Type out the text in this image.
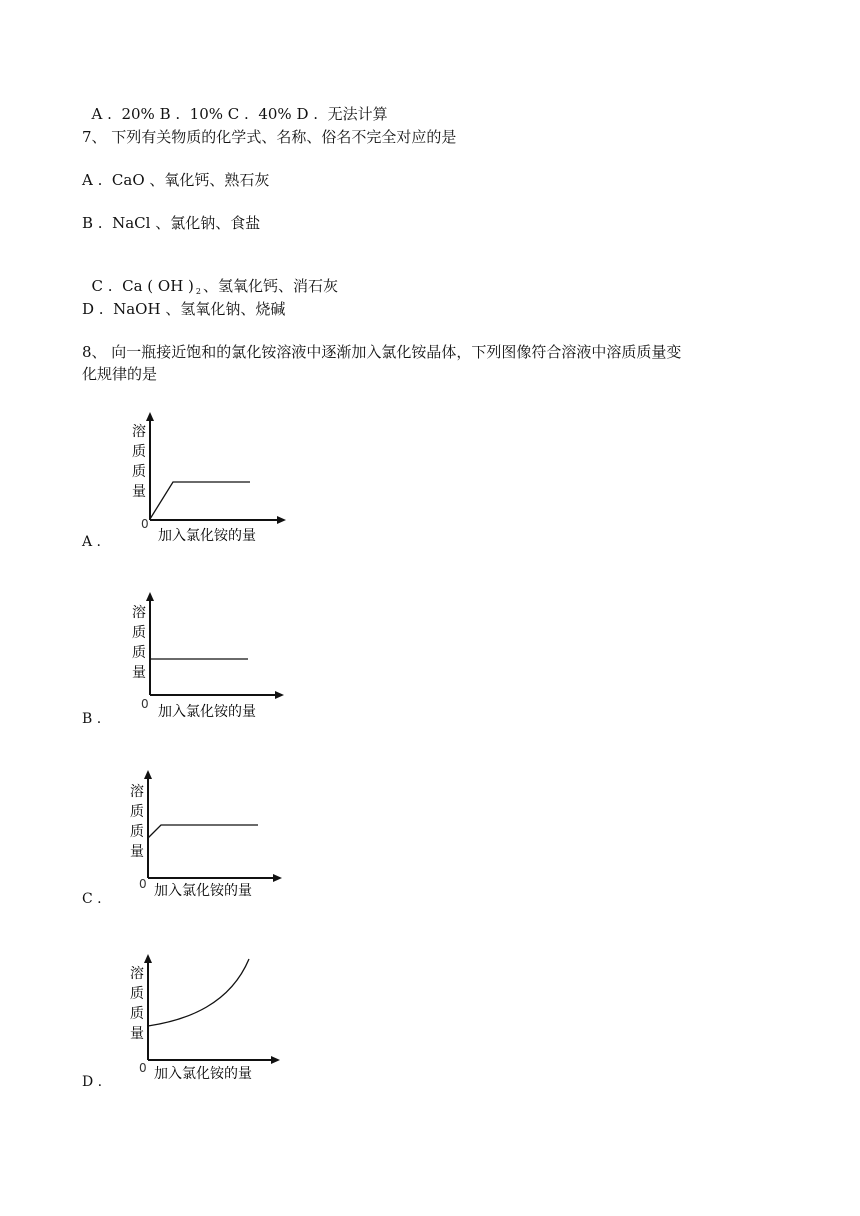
A .  20% B .  10% C .  40% D .  无法计算

7、 下列有关物质的化学式、名称、俗名不完全对应的是
A .  CaO 、氧化钙、熟石灰
B .  NaCl 、氯化钠、食盐

C .  Ca ( OH ) $_2$ 、氢氧化钙、消石灰

D .  NaOH 、氢氧化钠、烧碱
8、 向一瓶接近饱和的氯化铵溶液中逐渐加入氯化铵晶体，下列图像符合溶液中溶质质量变
化规律的是
溶
质
质
量
0
加入氯化铵的量
A .
溶
质
质
量
0 加入氯化铵的量
B .
溶
质
质
量
0 加入氯化铵的量
C .
溶
质
质
量
0 加入氯化铵的量
D .
